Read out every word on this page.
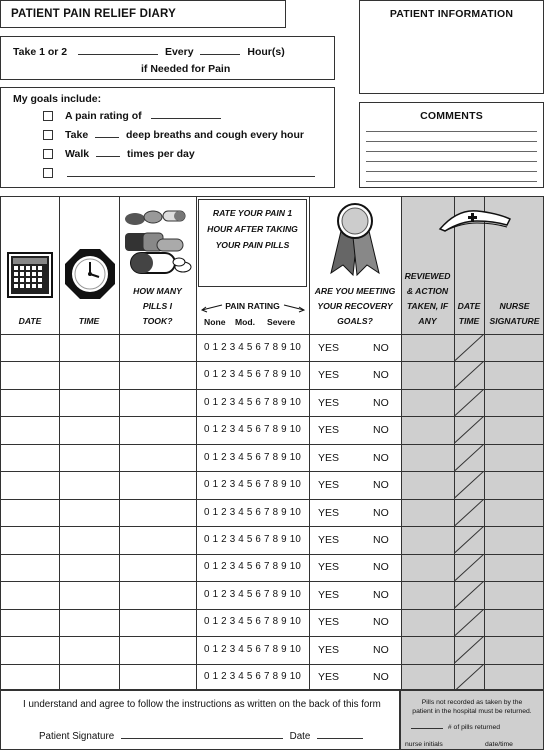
PATIENT PAIN RELIEF DIARY	PATIENT INFORMATION
Take 1 or 2	Every	Hour(s)
if Needed for Pain
My goals include:
A pain rating of
Take	deep breaths and cough every hour
Walk	times per day
COMMENTS
RATE YOUR PAIN 1
HOUR AFTER TAKING
YOUR PAIN PILLS
DATE	TIME
HOW MANY
PILLS I
TOOK?
PAIN RATING
None	Mod.	Severe
ARE YOU MEETING
YOUR RECOVERY
GOALS?
REVIEWED
& ACTION
TAKEN, IF
ANY
DATE
TIME
NURSE
SIGNATURE
0 1 2 3 4 5 6 7 8 9 10 YES	NO
0 1 2 3 4 5 6 7 8 9 10 YES	NO
0 1 2 3 4 5 6 7 8 9 10 YES	NO
0 1 2 3 4 5 6 7 8 9 10 YES	NO
0 1 2 3 4 5 6 7 8 9 10 YES	NO
0 1 2 3 4 5 6 7 8 9 10 YES	NO
0 1 2 3 4 5 6 7 8 9 10 YES	NO
0 1 2 3 4 5 6 7 8 9 10 YES	NO
0 1 2 3 4 5 6 7 8 9 10 YES	NO
0 1 2 3 4 5 6 7 8 9 10 YES	NO
0 1 2 3 4 5 6 7 8 9 10 YES	NO
0 1 2 3 4 5 6 7 8 9 10 YES	NO
0 1 2 3 4 5 6 7 8 9 10 YES	NO
I understand and agree to follow the instructions as written on the back of this form
Patient Signature	Date
Pills not recorded as taken by the
patient in the hospital must be returned.
# of pills returned
nurse initials	date/time
